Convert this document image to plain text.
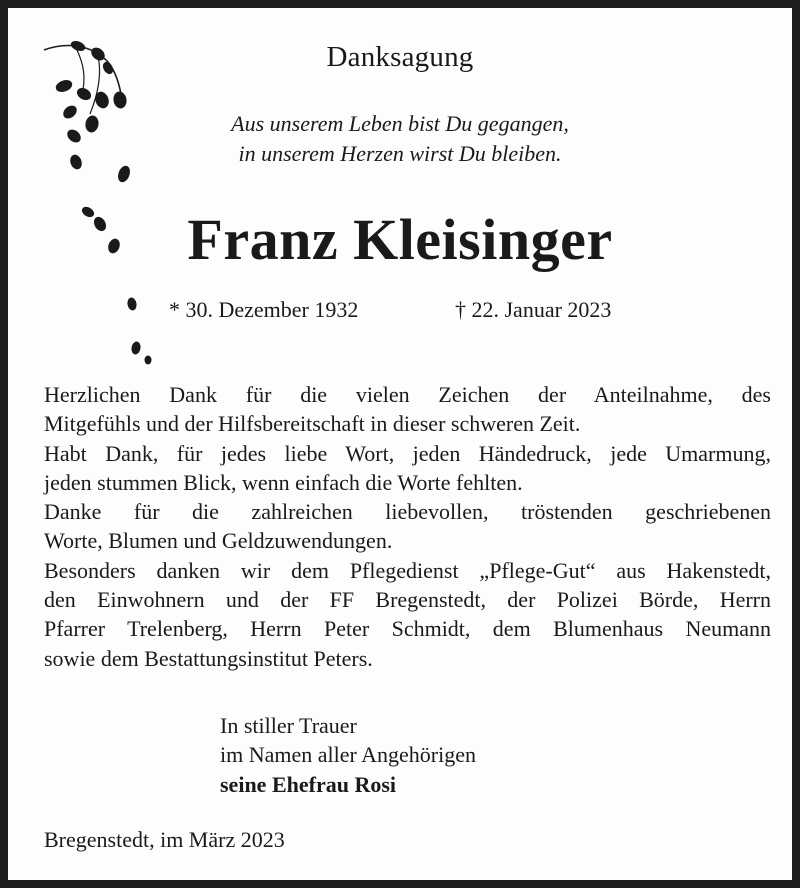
Danksagung
Aus unserem Leben bist Du gegangen,
in unserem Herzen wirst Du bleiben.
Franz Kleisinger
* 30. Dezember 1932	† 22. Januar 2023

Herzlichen Dank für die vielen Zeichen der Anteilnahme, des

Mitgefühls und der Hilfsbereitschaft in dieser schweren Zeit.

Habt Dank, für jedes liebe Wort, jeden Händedruck, jede Umarmung,

jeden stummen Blick, wenn einfach die Worte fehlten.

Danke für die zahlreichen liebevollen, tröstenden geschriebenen

Worte, Blumen und Geldzuwendungen.

Besonders danken wir dem Pflegedienst „Pflege-Gut“ aus Hakenstedt,

den Einwohnern und der FF Bregenstedt, der Polizei Börde, Herrn

Pfarrer Trelenberg, Herrn Peter Schmidt, dem Blumenhaus Neumann

sowie dem Bestattungsinstitut Peters.

In stiller Trauer
im Namen aller Angehörigen
seine Ehefrau Rosi
Bregenstedt, im März 2023
